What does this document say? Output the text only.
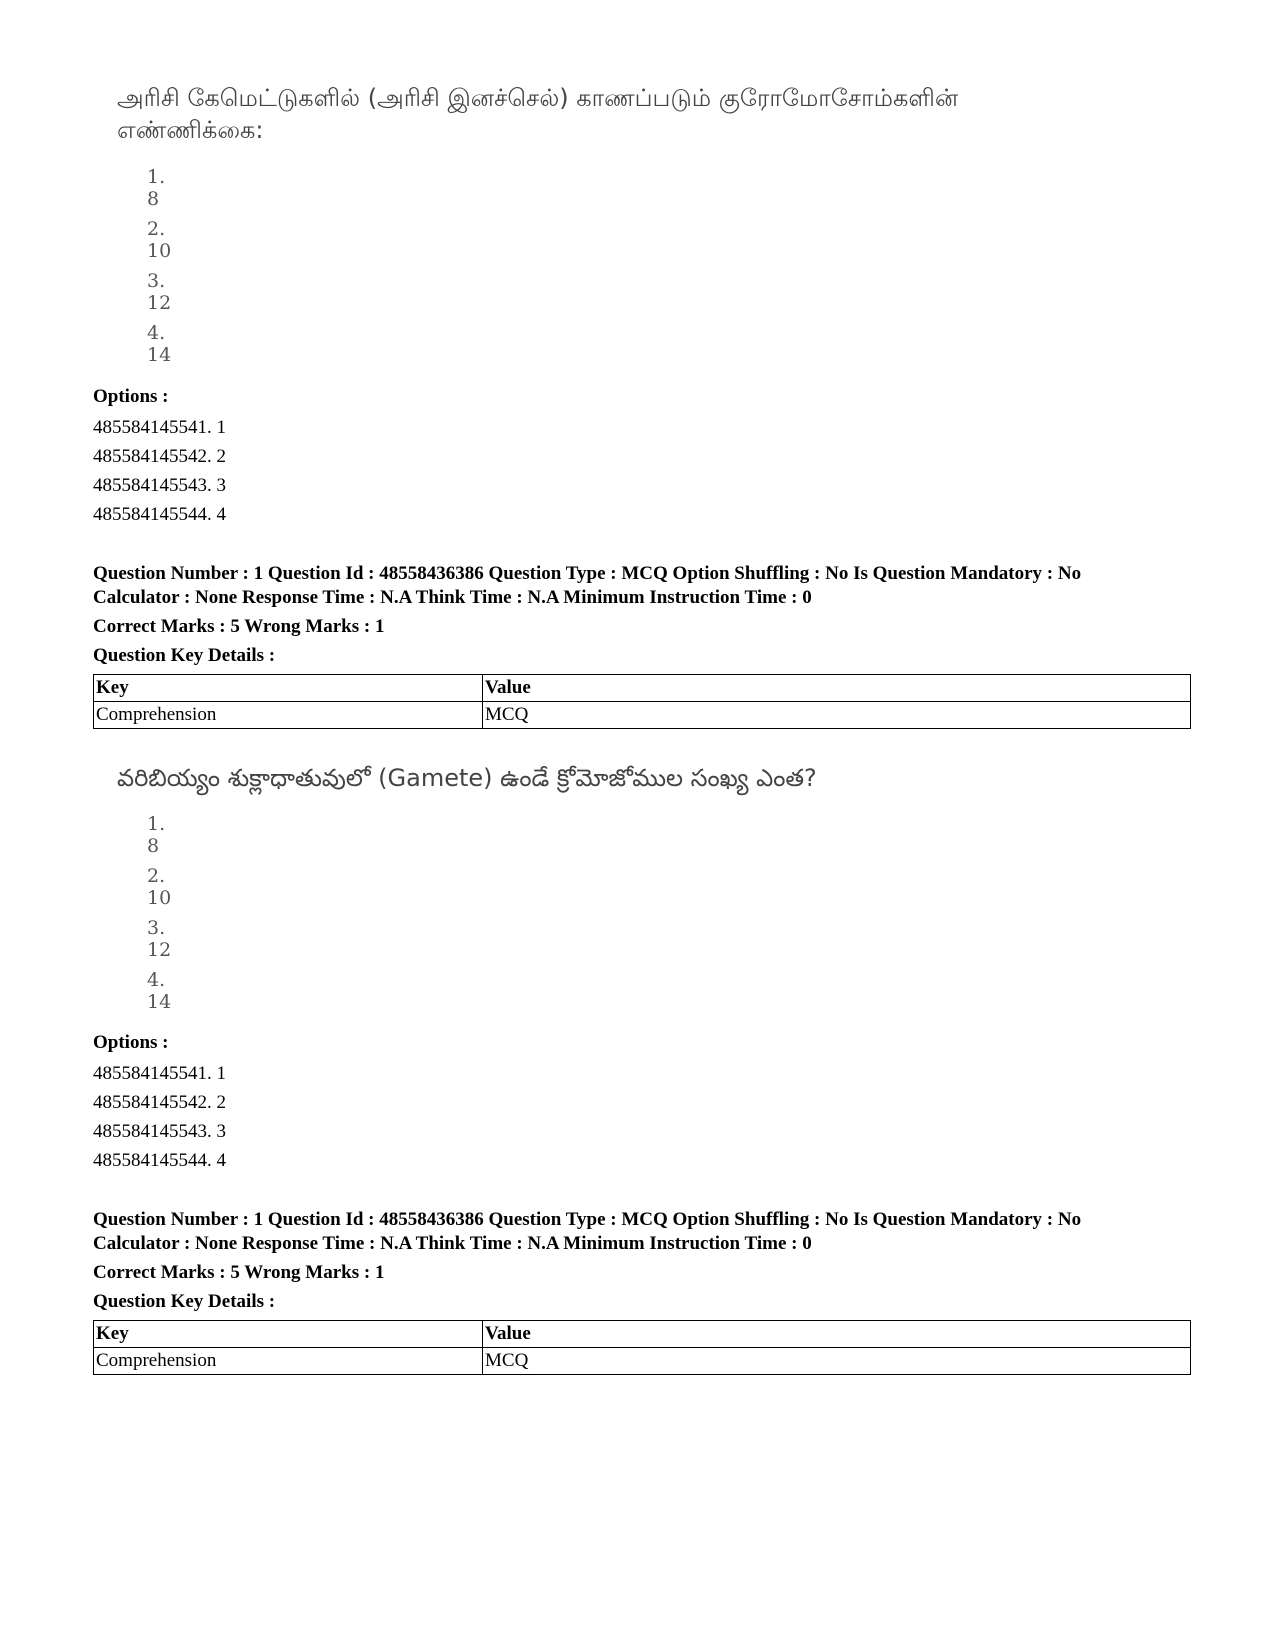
அரிசி கேமெட்டுகளில் (அரிசி இனச்செல்) காணப்படும் குரோமோசோம்களின் எண்ணிக்கை:
1. 8
2. 10
3. 12
4. 14
Options :
485584145541. 1
485584145542. 2
485584145543. 3
485584145544. 4
Question Number : 1 Question Id : 48558436386 Question Type : MCQ Option Shuffling : No Is Question Mandatory : No
Calculator : None Response Time : N.A Think Time : N.A Minimum Instruction Time : 0
Correct Marks : 5 Wrong Marks : 1
Question Key Details :
Key	Value
Comprehension	MCQ
వరిబియ్యం శుక్లాధాతువులో (Gamete) ఉండే క్రోమోజోముల సంఖ్య ఎంత?
1. 8
2. 10
3. 12
4. 14
Options :
485584145541. 1
485584145542. 2
485584145543. 3
485584145544. 4
Question Number : 1 Question Id : 48558436386 Question Type : MCQ Option Shuffling : No Is Question Mandatory : No
Calculator : None Response Time : N.A Think Time : N.A Minimum Instruction Time : 0
Correct Marks : 5 Wrong Marks : 1
Question Key Details :
Key	Value
Comprehension	MCQ
